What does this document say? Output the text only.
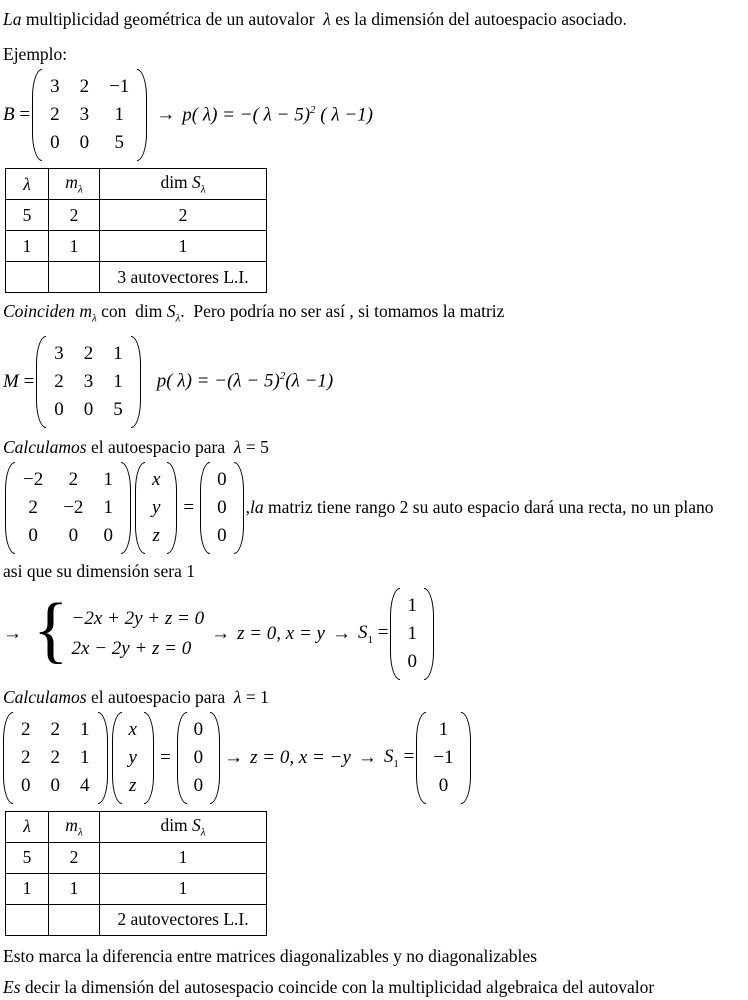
La multiplicidad geométrica de un autovalor  λ es la dimensión del autoespacio asociado.

Ejemplo:

B =
3 2 −1
2 3 1
0 0 5
→ p( λ) = −( λ − 5)$^2$ ( λ −1)
λ	$m_\lambda$	dim $S_\lambda$
5	2	2
1	1	1
		3 autovectores L.I.

Coinciden $m_\lambda$ con  dim $S_\lambda$.  Pero podría no ser así , si tomamos la matriz

M =
3 2 1
2 3 1
0 0 5
p( $\lambda) = -(\lambda - 5)^2(\lambda -1)$

Calculamos el autoespacio para  λ = 5

−2 2 1
2 −2 1
0 0 0
x
y
z
=
0
0
0
,la matriz tiene rango 2 su auto espacio dará una recta, no un plano

asi que su dimensión sera 1

→ { −2x + 2y + z = 0
2x − 2y + z = 0
→ z = 0, $x = y \to S_1$ =
1
1
0

Calculamos el autoespacio para  λ = 1

2 2 1
2 2 1
0 0 4
x
y
z
=
0
0
0
→ z = 0, $x = -y \to S_1$ =
1
−1
0
λ	$m_\lambda$	dim $S_\lambda$
5	2	1
1	1	1
		2 autovectores L.I.

Esto marca la diferencia entre matrices diagonalizables y no diagonalizables

Es decir la dimensión del autosespacio coincide con la multiplicidad algebraica del autovalor
